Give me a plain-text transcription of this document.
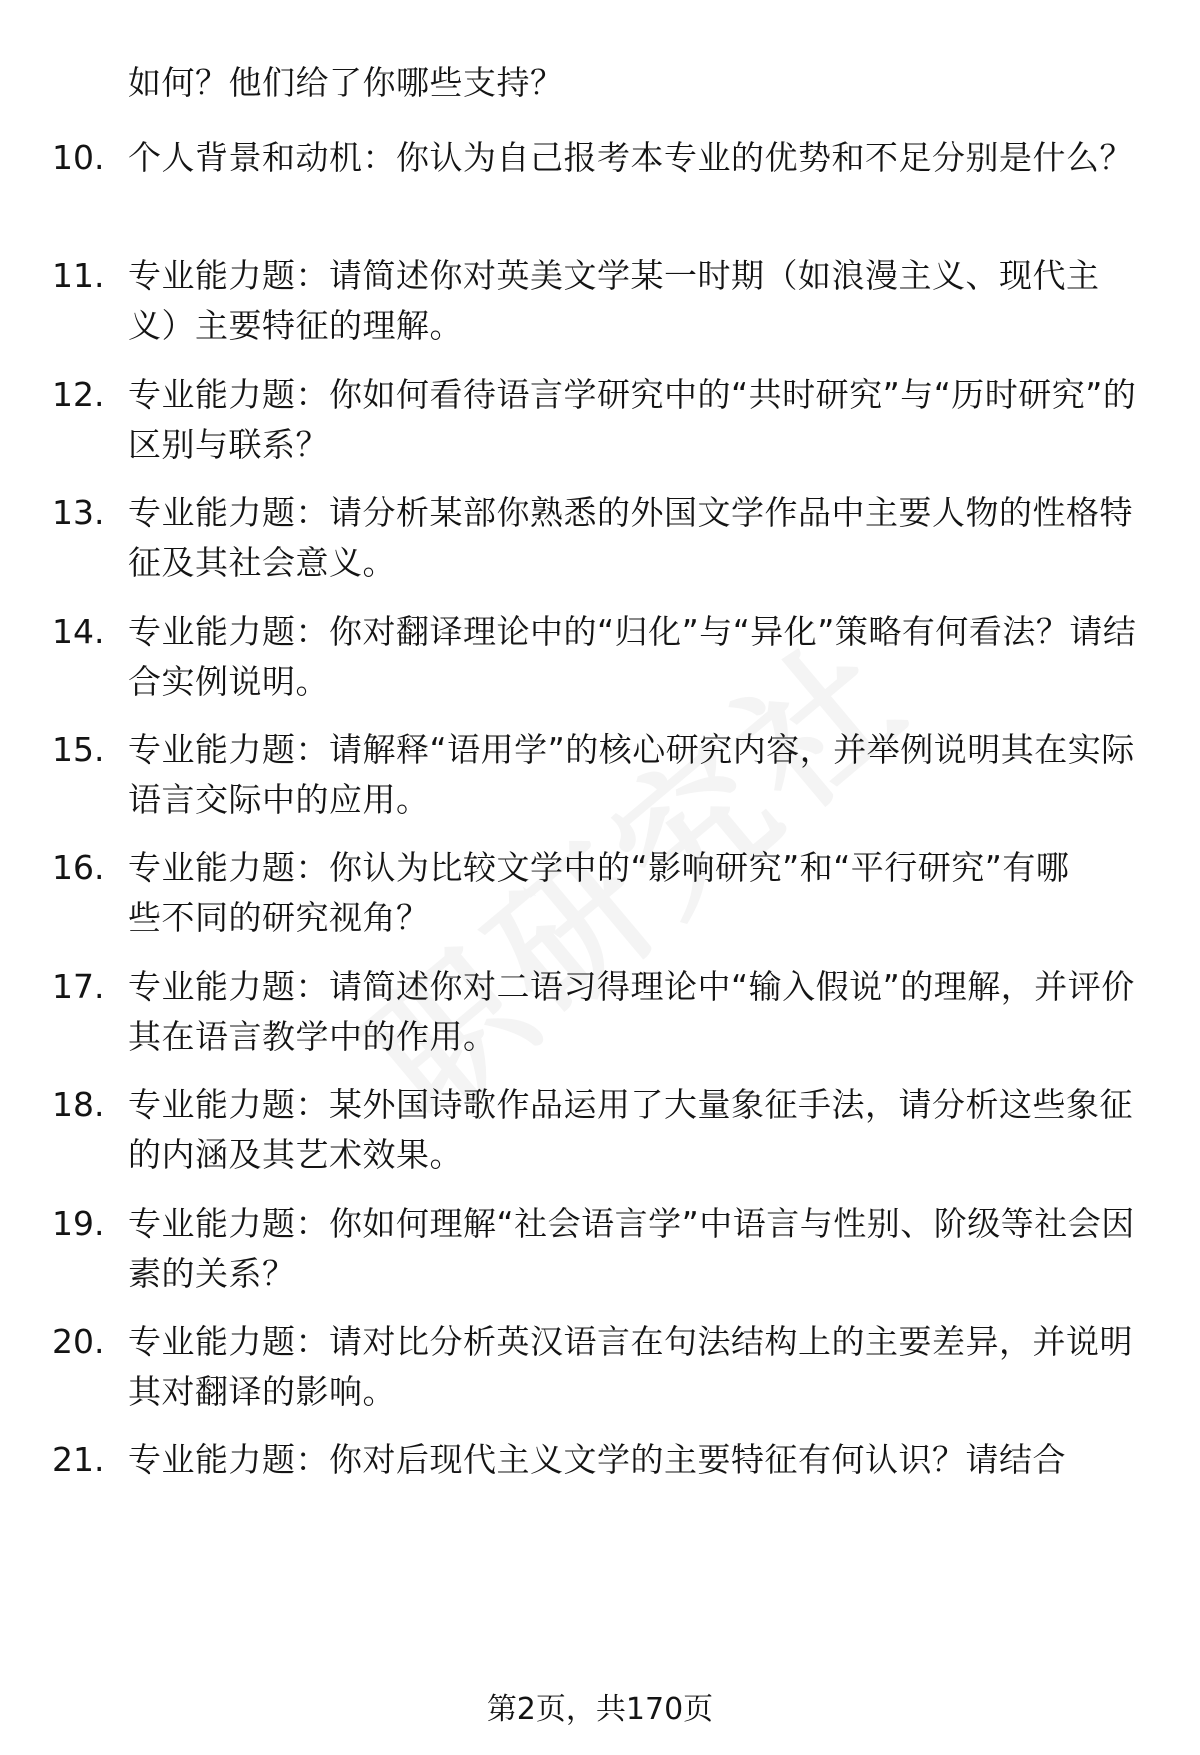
如何？他们给了你哪些支持？

10. 个人背景和动机：你认为自己报考本专业的优势和不足分别是什么？

11. 专业能力题：请简述你对英美文学某一时期（如浪漫主义、现代主义）主要特征的理解。

12. 专业能力题：你如何看待语言学研究中的“共时研究”与“历时研究”的区别与联系？

13. 专业能力题：请分析某部你熟悉的外国文学作品中主要人物的性格特征及其社会意义。

14. 专业能力题：你对翻译理论中的“归化”与“异化”策略有何看法？请结合实例说明。

15. 专业能力题：请解释“语用学”的核心研究内容，并举例说明其在实际语言交际中的应用。

16. 专业能力题：你认为比较文学中的“影响研究”和“平行研究”有哪些不同的研究视角？

17. 专业能力题：请简述你对二语习得理论中“输入假说”的理解，并评价其在语言教学中的作用。

18. 专业能力题：某外国诗歌作品运用了大量象征手法，请分析这些象征的内涵及其艺术效果。

19. 专业能力题：你如何理解“社会语言学”中语言与性别、阶级等社会因素的关系？

20. 专业能力题：请对比分析英汉语言在句法结构上的主要差异，并说明其对翻译的影响。

21. 专业能力题：你对后现代主义文学的主要特征有何认识？请结合

第2页，共170页
